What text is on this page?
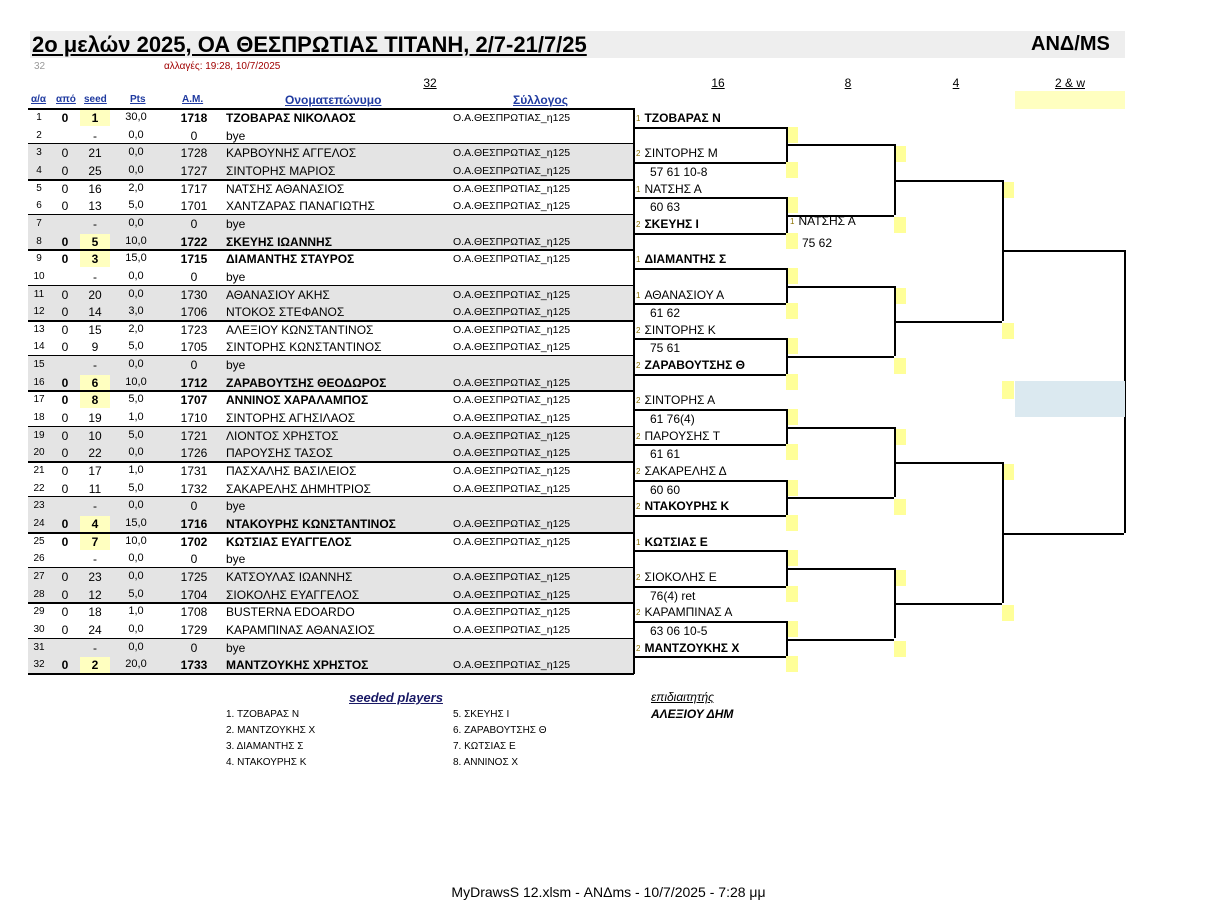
2ο μελών 2025, ΟΑ ΘΕΣΠΡΩΤΙΑΣ ΤΙΤΑΝΗ, 2/7-21/7/25	ΑΝΔ/MS
32	αλλαγές: 19:28, 10/7/2025
32	16	8	4	2 & w
α/α από seed Pts	Α.Μ.	Ονοματεπώνυμο	Σύλλογος
1	0	1	30,0	1718	ΤΖΟΒΑΡΑΣ ΝΙΚΟΛΑΟΣ	Ο.Α.ΘΕΣΠΡΩΤΙΑΣ_η125
2	-	0,0	0	bye
3	0	21	0,0	1728	ΚΑΡΒΟΥΝΗΣ ΑΓΓΕΛΟΣ	Ο.Α.ΘΕΣΠΡΩΤΙΑΣ_η125
4	0	25	0,0	1727	ΣΙΝΤΟΡΗΣ ΜΑΡΙΟΣ	Ο.Α.ΘΕΣΠΡΩΤΙΑΣ_η125
5	0	16	2,0	1717	ΝΑΤΣΗΣ ΑΘΑΝΑΣΙΟΣ	Ο.Α.ΘΕΣΠΡΩΤΙΑΣ_η125
6	0	13	5,0	1701	ΧΑΝΤΖΑΡΑΣ ΠΑΝΑΓΙΩΤΗΣ	Ο.Α.ΘΕΣΠΡΩΤΙΑΣ_η125
7	-	0,0	0	bye
8	0	5	10,0	1722	ΣΚΕΥΗΣ ΙΩΑΝΝΗΣ	Ο.Α.ΘΕΣΠΡΩΤΙΑΣ_η125
9	0	3	15,0	1715	ΔΙΑΜΑΝΤΗΣ ΣΤΑΥΡΟΣ	Ο.Α.ΘΕΣΠΡΩΤΙΑΣ_η125
10	-	0,0	0	bye
11	0	20	0,0	1730	ΑΘΑΝΑΣΙΟΥ ΑΚΗΣ	Ο.Α.ΘΕΣΠΡΩΤΙΑΣ_η125
12	0	14	3,0	1706	ΝΤΟΚΟΣ ΣΤΕΦΑΝΟΣ	Ο.Α.ΘΕΣΠΡΩΤΙΑΣ_η125
13	0	15	2,0	1723	ΑΛΕΞΙΟΥ ΚΩΝΣΤΑΝΤΙΝΟΣ	Ο.Α.ΘΕΣΠΡΩΤΙΑΣ_η125
14	0	9	5,0	1705	ΣΙΝΤΟΡΗΣ ΚΩΝΣΤΑΝΤΙΝΟΣ	Ο.Α.ΘΕΣΠΡΩΤΙΑΣ_η125
15	-	0,0	0	bye
16	0	6	10,0	1712	ΖΑΡΑΒΟΥΤΣΗΣ ΘΕΟΔΩΡΟΣ	Ο.Α.ΘΕΣΠΡΩΤΙΑΣ_η125
17	0	8	5,0	1707	ΑΝΝΙΝΟΣ ΧΑΡΑΛΑΜΠΟΣ	Ο.Α.ΘΕΣΠΡΩΤΙΑΣ_η125
18	0	19	1,0	1710	ΣΙΝΤΟΡΗΣ ΑΓΗΣΙΛΑΟΣ	Ο.Α.ΘΕΣΠΡΩΤΙΑΣ_η125
19	0	10	5,0	1721	ΛΙΟΝΤΟΣ ΧΡΗΣΤΟΣ	Ο.Α.ΘΕΣΠΡΩΤΙΑΣ_η125
20	0	22	0,0	1726	ΠΑΡΟΥΣΗΣ ΤΑΣΟΣ	Ο.Α.ΘΕΣΠΡΩΤΙΑΣ_η125
21	0	17	1,0	1731	ΠΑΣΧΑΛΗΣ ΒΑΣΙΛΕΙΟΣ	Ο.Α.ΘΕΣΠΡΩΤΙΑΣ_η125
22	0	11	5,0	1732	ΣΑΚΑΡΕΛΗΣ ΔΗΜΗΤΡΙΟΣ	Ο.Α.ΘΕΣΠΡΩΤΙΑΣ_η125
23	-	0,0	0	bye
24	0	4	15,0	1716	ΝΤΑΚΟΥΡΗΣ ΚΩΝΣΤΑΝΤΙΝΟΣ	Ο.Α.ΘΕΣΠΡΩΤΙΑΣ_η125
25	0	7	10,0	1702	ΚΩΤΣΙΑΣ ΕΥΑΓΓΕΛΟΣ	Ο.Α.ΘΕΣΠΡΩΤΙΑΣ_η125
26	-	0,0	0	bye
27	0	23	0,0	1725	ΚΑΤΣΟΥΛΑΣ ΙΩΑΝΝΗΣ	Ο.Α.ΘΕΣΠΡΩΤΙΑΣ_η125
28	0	12	5,0	1704	ΣΙΟΚΟΛΗΣ ΕΥΑΓΓΕΛΟΣ	Ο.Α.ΘΕΣΠΡΩΤΙΑΣ_η125
29	0	18	1,0	1708	BUSTERNA EDOARDO	Ο.Α.ΘΕΣΠΡΩΤΙΑΣ_η125
30	0	24	0,0	1729	ΚΑΡΑΜΠΙΝΑΣ ΑΘΑΝΑΣΙΟΣ	Ο.Α.ΘΕΣΠΡΩΤΙΑΣ_η125
31	-	0,0	0	bye
32	0	2	20,0	1733	ΜΑΝΤΖΟΥΚΗΣ ΧΡΗΣΤΟΣ	Ο.Α.ΘΕΣΠΡΩΤΙΑΣ_η125
1 ΤΖΟΒΑΡΑΣ Ν
2 ΣΙΝΤΟΡΗΣ Μ
57 61 10-8
1 ΝΑΤΣΗΣ Α
60 63
2 ΣΚΕΥΗΣ Ι
1 ΔΙΑΜΑΝΤΗΣ Σ
1 ΑΘΑΝΑΣΙΟΥ Α
61 62
2 ΣΙΝΤΟΡΗΣ Κ
75 61
2 ΖΑΡΑΒΟΥΤΣΗΣ Θ
2 ΣΙΝΤΟΡΗΣ Α
61 76(4)
2 ΠΑΡΟΥΣΗΣ Τ
61 61
2 ΣΑΚΑΡΕΛΗΣ Δ
60 60
2 ΝΤΑΚΟΥΡΗΣ Κ
1 ΚΩΤΣΙΑΣ Ε
2 ΣΙΟΚΟΛΗΣ Ε
76(4) ret
2 ΚΑΡΑΜΠΙΝΑΣ Α
63 06 10-5
2 ΜΑΝΤΖΟΥΚΗΣ Χ
1 ΝΑΤΣΗΣ Α
75 62
seeded players
1. ΤΖΟΒΑΡΑΣ Ν
2. ΜΑΝΤΖΟΥΚΗΣ Χ
3. ΔΙΑΜΑΝΤΗΣ Σ
4. ΝΤΑΚΟΥΡΗΣ Κ
5. ΣΚΕΥΗΣ Ι
6. ΖΑΡΑΒΟΥΤΣΗΣ Θ
7. ΚΩΤΣΙΑΣ Ε
8. ΑΝΝΙΝΟΣ Χ
επιδιαιτητής
ΑΛΕΞΙΟΥ ΔΗΜ
MyDrawsS 12.xlsm - ΑΝΔms - 10/7/2025 - 7:28 μμ
